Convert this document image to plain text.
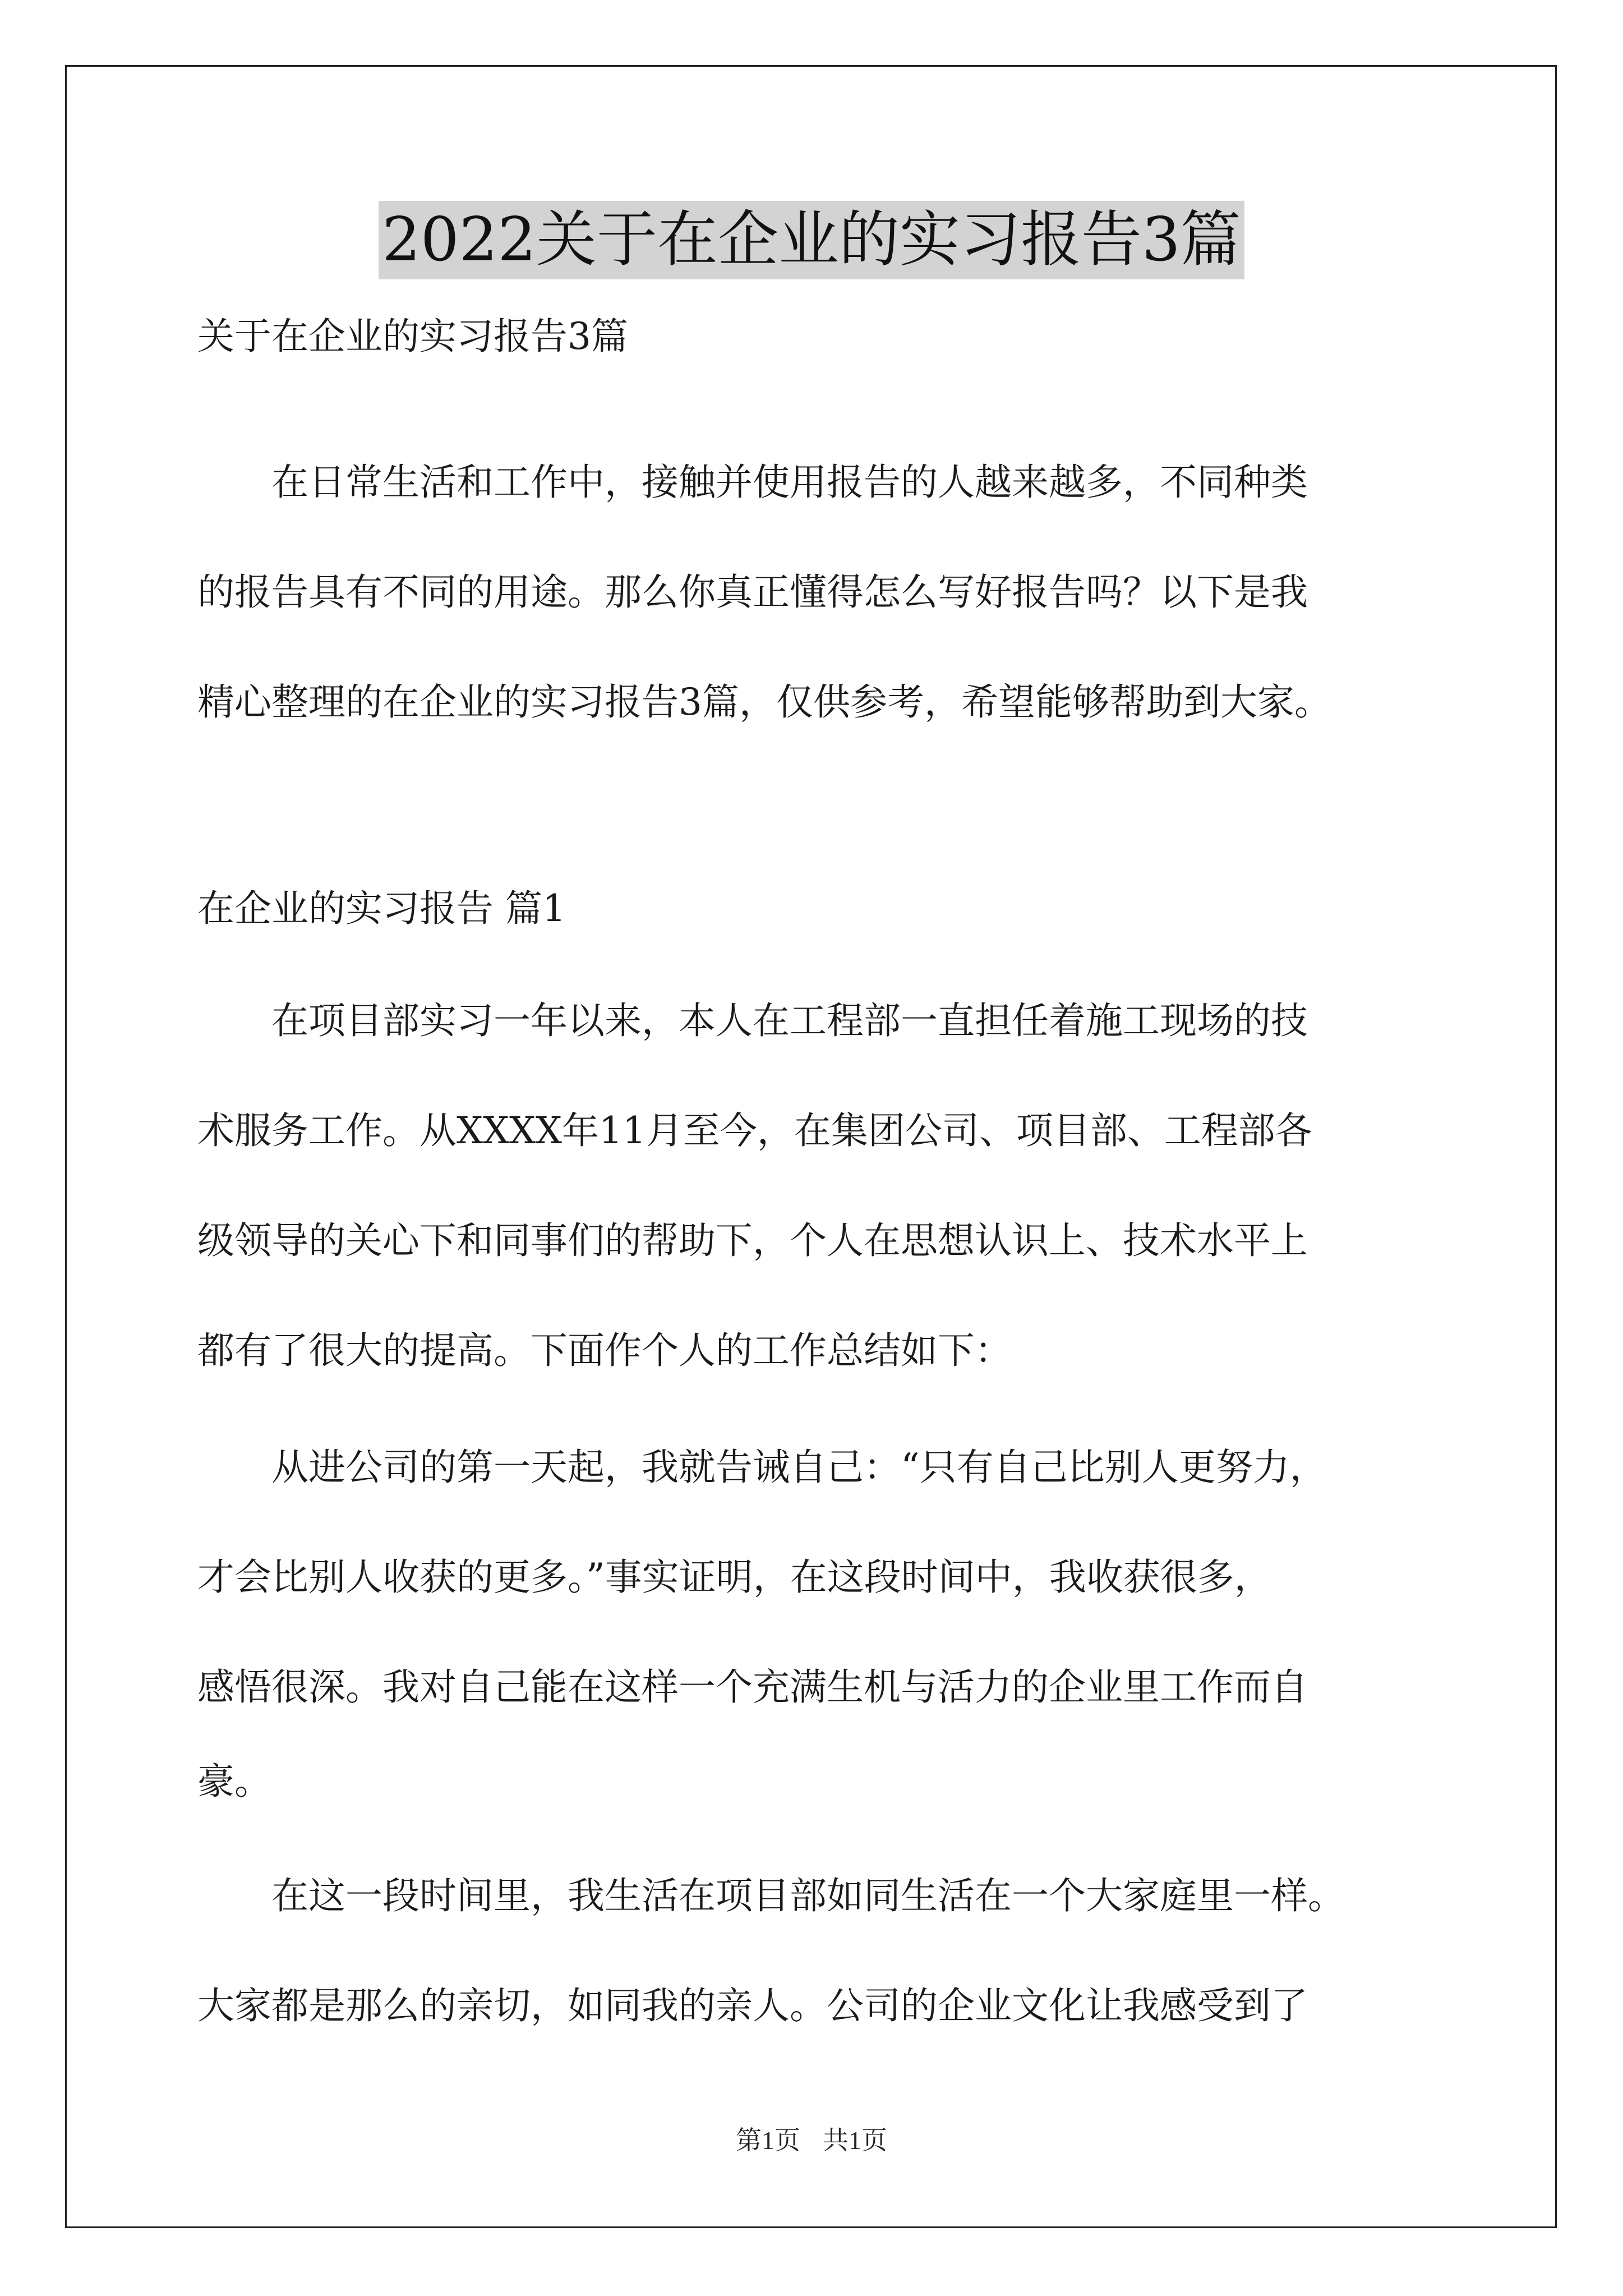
2022关于在企业的实习报告3篇
关于在企业的实习报告3篇
　　在日常生活和工作中，接触并使用报告的人越来越多，不同种类
的报告具有不同的用途。那么你真正懂得怎么写好报告吗？以下是我
精心整理的在企业的实习报告3篇，仅供参考，希望能够帮助到大家。
在企业的实习报告 篇1
　　在项目部实习一年以来，本人在工程部一直担任着施工现场的技
术服务工作。从XXXX年11月至今，在集团公司、项目部、工程部各
级领导的关心下和同事们的帮助下，个人在思想认识上、技术水平上
都有了很大的提高。下面作个人的工作总结如下：
　　从进公司的第一天起，我就告诫自己：“只有自己比别人更努力，
才会比别人收获的更多。”事实证明，在这段时间中，我收获很多，
感悟很深。我对自己能在这样一个充满生机与活力的企业里工作而自
豪。
　　在这一段时间里，我生活在项目部如同生活在一个大家庭里一样。
大家都是那么的亲切，如同我的亲人。公司的企业文化让我感受到了
第1页 共1页
